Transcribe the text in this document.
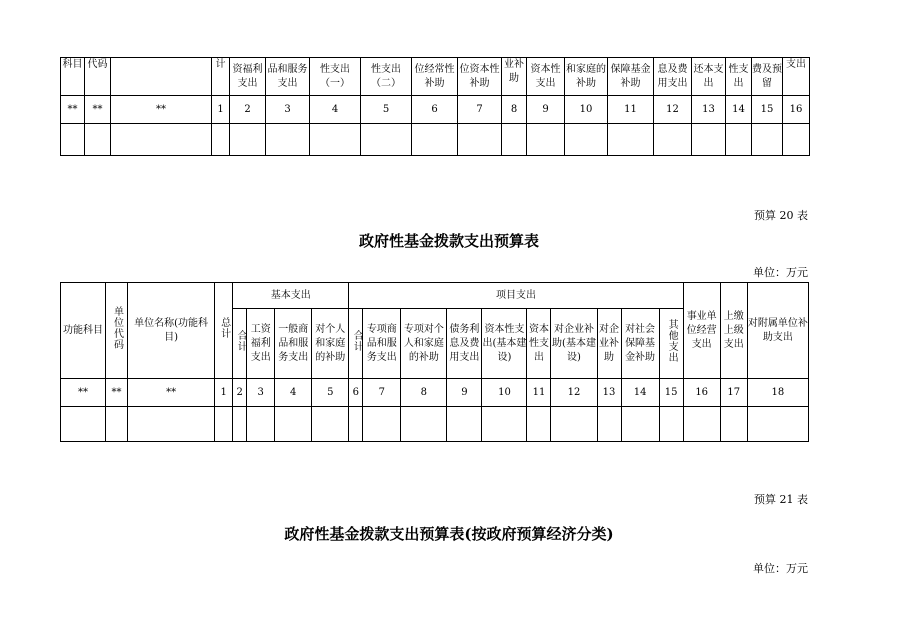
科目	代码		计	资福利支出	品和服务支出	性支出（一）	性支出（二）	位经常性补助	位资本性补助	业补助	资本性支出	和家庭的补助	保障基金补助	息及费用支出	还本支出	性支出	费及预留	支出
**	**	**	1	2	3	4	5	6	7	8	9	10	11	12	13	14	15	16

预算 20 表
政府性基金拨款支出预算表
单位：万元
功能科目	单位代码	单位名称(功能科目)	总计	基本支出				项目支出										事业单位经营支出	上缴上级支出	对附属单位补助支出
				合计	工资福利支出	一般商品和服务支出	对个人和家庭的补助	合计	专项商品和服务支出	专项对个人和家庭的补助	债务利息及费用支出	资本性支出(基本建设)	资本性支出	对企业补助(基本建设)	对企业补助	对社会保障基金补助	其他支出			
**	**	**	1	2	3	4	5	6	7	8	9	10	11	12	13	14	15	16	17	18

预算 21 表
政府性基金拨款支出预算表(按政府预算经济分类)
单位：万元
